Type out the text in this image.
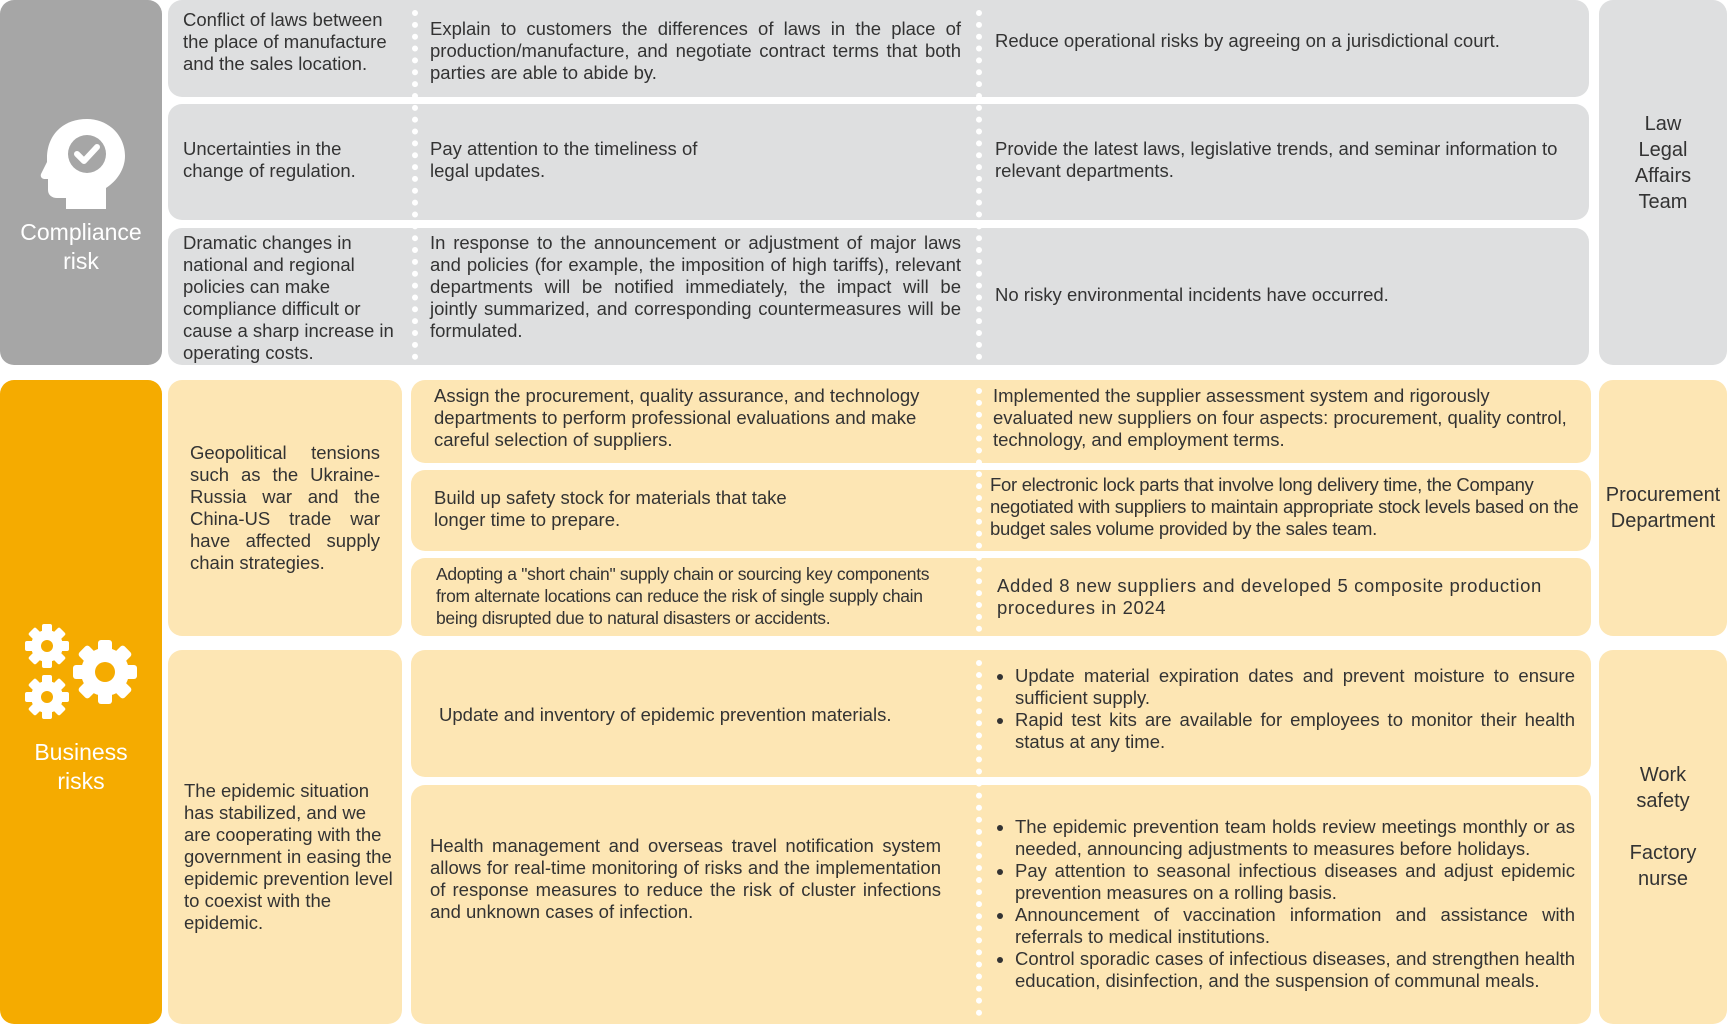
Compliance
risk
Conflict of laws between the place of manufacture and the sales location.
Explain to customers the differences of laws in the place of production/manufacture, and negotiate contract terms that both parties are able to abide by.
Reduce operational risks by agreeing on a jurisdictional court.
Uncertainties in the change of regulation.
Pay attention to the timeliness of
legal updates.
Provide the latest laws, legislative trends, and seminar information to relevant departments.
Dramatic changes in national and regional policies can make compliance difficult or cause a sharp increase in operating costs.
In response to the announcement or adjustment of major laws and policies (for example, the imposition of high tariffs), relevant departments will be notified immediately, the impact will be jointly summarized, and corresponding countermeasures will be formulated.
No risky environmental incidents have occurred.
Law
Legal
Affairs
Team
Business
risks
Geopolitical tensions such as the Ukraine-Russia war and the China-US trade war have affected supply chain strategies.
Assign the procurement, quality assurance, and technology departments to perform professional evaluations and make careful selection of suppliers.
Implemented the supplier assessment system and rigorously evaluated new suppliers on four aspects: procurement, quality control, technology, and employment terms.
Build up safety stock for materials that take
longer time to prepare.
For electronic lock parts that involve long delivery time, the Company negotiated with suppliers to maintain appropriate stock levels based on the budget sales volume provided by the sales team.
Adopting a "short chain" supply chain or sourcing key components from alternate locations can reduce the risk of single supply chain being disrupted due to natural disasters or accidents.
Added 8 new suppliers and developed 5 composite production procedures in 2024
Procurement
Department
The epidemic situation has stabilized, and we are cooperating with the government in easing the epidemic prevention level to coexist with the epidemic.
Update and inventory of epidemic prevention materials.
• Update material expiration dates and prevent moisture to ensure sufficient supply.
• Rapid test kits are available for employees to monitor their health status at any time.
Health management and overseas travel notification system allows for real-time monitoring of risks and the implementation of response measures to reduce the risk of cluster infections and unknown cases of infection.
• The epidemic prevention team holds review meetings monthly or as needed, announcing adjustments to measures before holidays.
• Pay attention to seasonal infectious diseases and adjust epidemic prevention measures on a rolling basis.
• Announcement of vaccination information and assistance with referrals to medical institutions.
• Control sporadic cases of infectious diseases, and strengthen health education, disinfection, and the suspension of communal meals.
Work
safety
Factory
nurse
